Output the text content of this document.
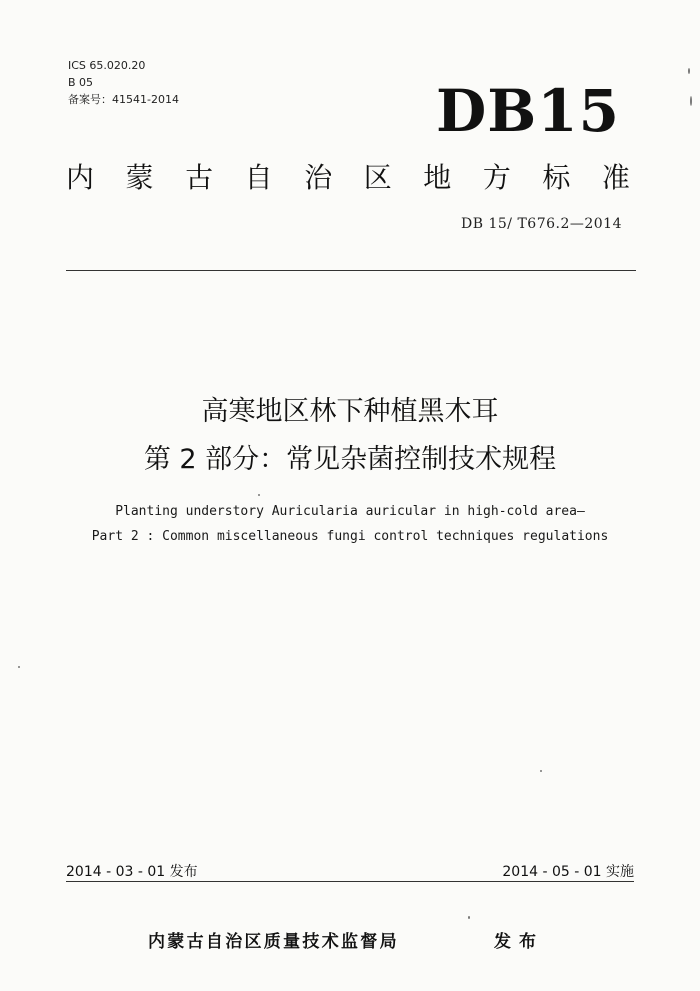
ICS 65.020.20
B 05
备案号：41541-2014	DB15
内 蒙 古 自 治 区 地 方 标 准
DB 15/ T676.2—2014
高寒地区林下种植黑木耳
第 2 部分：常见杂菌控制技术规程
Planting understory Auricularia auricular in high-cold area—
Part 2 : Common miscellaneous fungi control techniques regulations
2014 - 03 - 01 发布	2014 - 05 - 01 实施
内蒙古自治区质量技术监督局	发布
